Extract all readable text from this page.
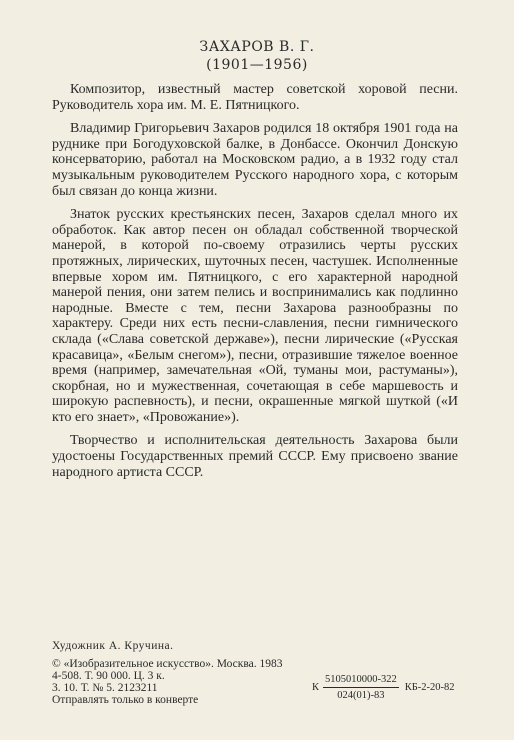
ЗАХАРОВ В. Г.
(1901—1956)

Композитор, известный мастер советской хоровой песни. Руководитель хора им. М. Е. Пятницкого.

Владимир Григорьевич Захаров родился 18 октября 1901 года на руднике при Богодуховской балке, в Донбассе. Окончил Донскую консерваторию, работал на Московском радио, а в 1932 году стал музыкальным руководителем Русского народного хора, с которым был связан до конца жизни.

Знаток русских крестьянских песен, Захаров сделал много их обработок. Как автор песен он обладал собственной творческой манерой, в которой по-своему отразились черты русских протяжных, лирических, шуточных песен, частушек. Исполненные впервые хором им. Пятницкого, с его характерной народной манерой пения, они затем пелись и воспринимались как подлинно народные. Вместе с тем, песни Захарова разнообразны по характеру. Среди них есть песни-славления, песни гимнического склада («Слава советской державе»), песни лирические («Русская красавица», «Белым снегом»), песни, отразившие тяжелое военное время (например, замечательная «Ой, туманы мои, растуманы»), скорбная, но и мужественная, сочетающая в себе маршевость и широкую распевность), и песни, окрашенные мягкой шуткой («И кто его знает», «Провожание»).

Творчество и исполнительская деятельность Захарова были удостоены Государственных премий СССР. Ему присвоено звание народного артиста СССР.

Художник А. Кручина.
© «Изобразительное искусство». Москва. 1983
4-508. Т. 90 000. Ц. 3 к.
3. 10. Т. № 5. 2123211
Отправлять только в конверте
К $\frac{5105010000-322}{024(01)-83} КБ-2-20-82$
